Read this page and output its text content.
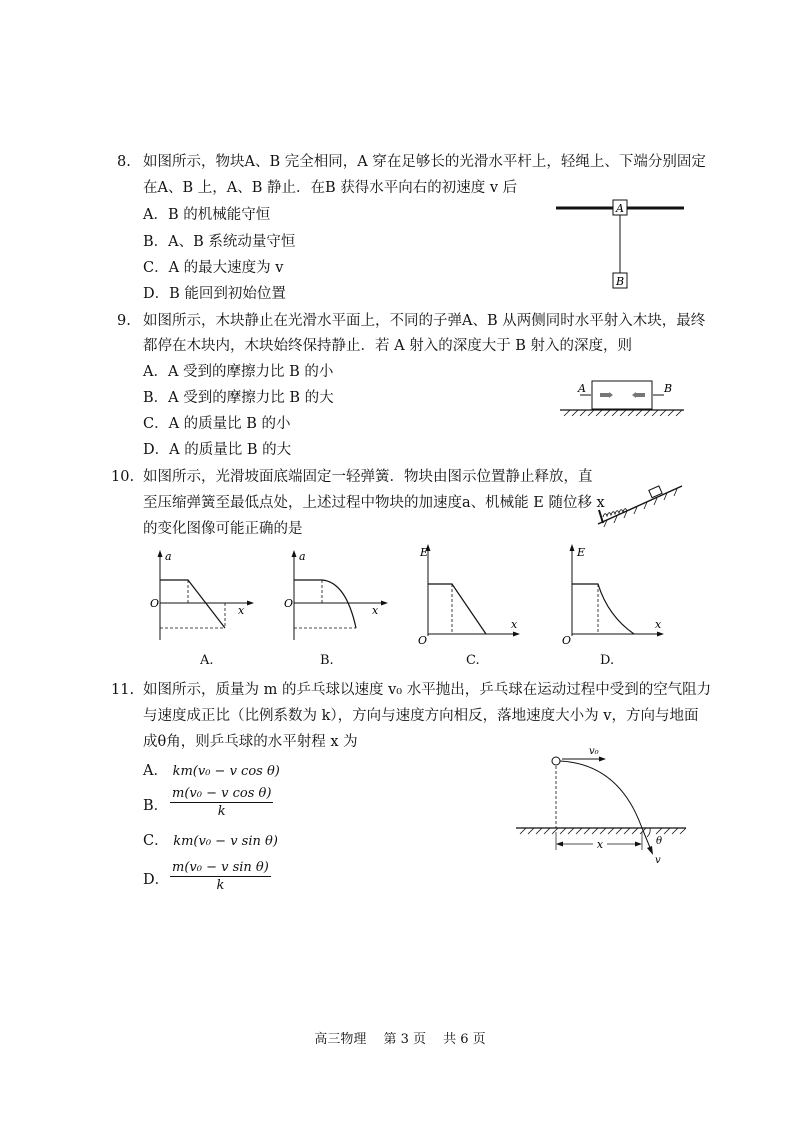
8. 如图所示，物块A、B 完全相同，A 穿在足够长的光滑水平杆上，轻绳上、下端分别固定
在A、B 上，A、B 静止．在B 获得水平向右的初速度 v 后
A．B 的机械能守恒
B．A、B 系统动量守恒
C．A 的最大速度为 v
D．B 能回到初始位置
A
B
9. 如图所示，木块静止在光滑水平面上，不同的子弹A、B 从两侧同时水平射入木块，最终
都停在木块内，木块始终保持静止．若 A 射入的深度大于 B 射入的深度，则
A．A 受到的摩擦力比 B 的小
B．A 受到的摩擦力比 B 的大
C．A 的质量比 B 的小
D．A 的质量比 B 的大
A	B
10. 如图所示，光滑坡面底端固定一轻弹簧．物块由图示位置静止释放，直
至压缩弹簧至最低点处，上述过程中物块的加速度a、机械能 E 随位移 x
的变化图像可能正确的是
a
x
O
A.
a
x
O
B.
E
x
O
C.
E
x
O
D.
11. 如图所示，质量为 m 的乒乓球以速度 v₀ 水平抛出，乒乓球在运动过程中受到的空气阻力
与速度成正比（比例系数为 k），方向与速度方向相反，落地速度大小为 v，方向与地面
成θ角，则乒乓球的水平射程 x 为
A． km(v₀ − v cos θ)
B． $\frac{\text{m(v₀ − v cos θ)}}{k}$
C． km(v₀ − v sin θ)
D． $\frac{\text{m(v₀ − v sin θ)}}{k}$
v₀
v
θ
x
高三物理　 第 3 页　 共 6 页
